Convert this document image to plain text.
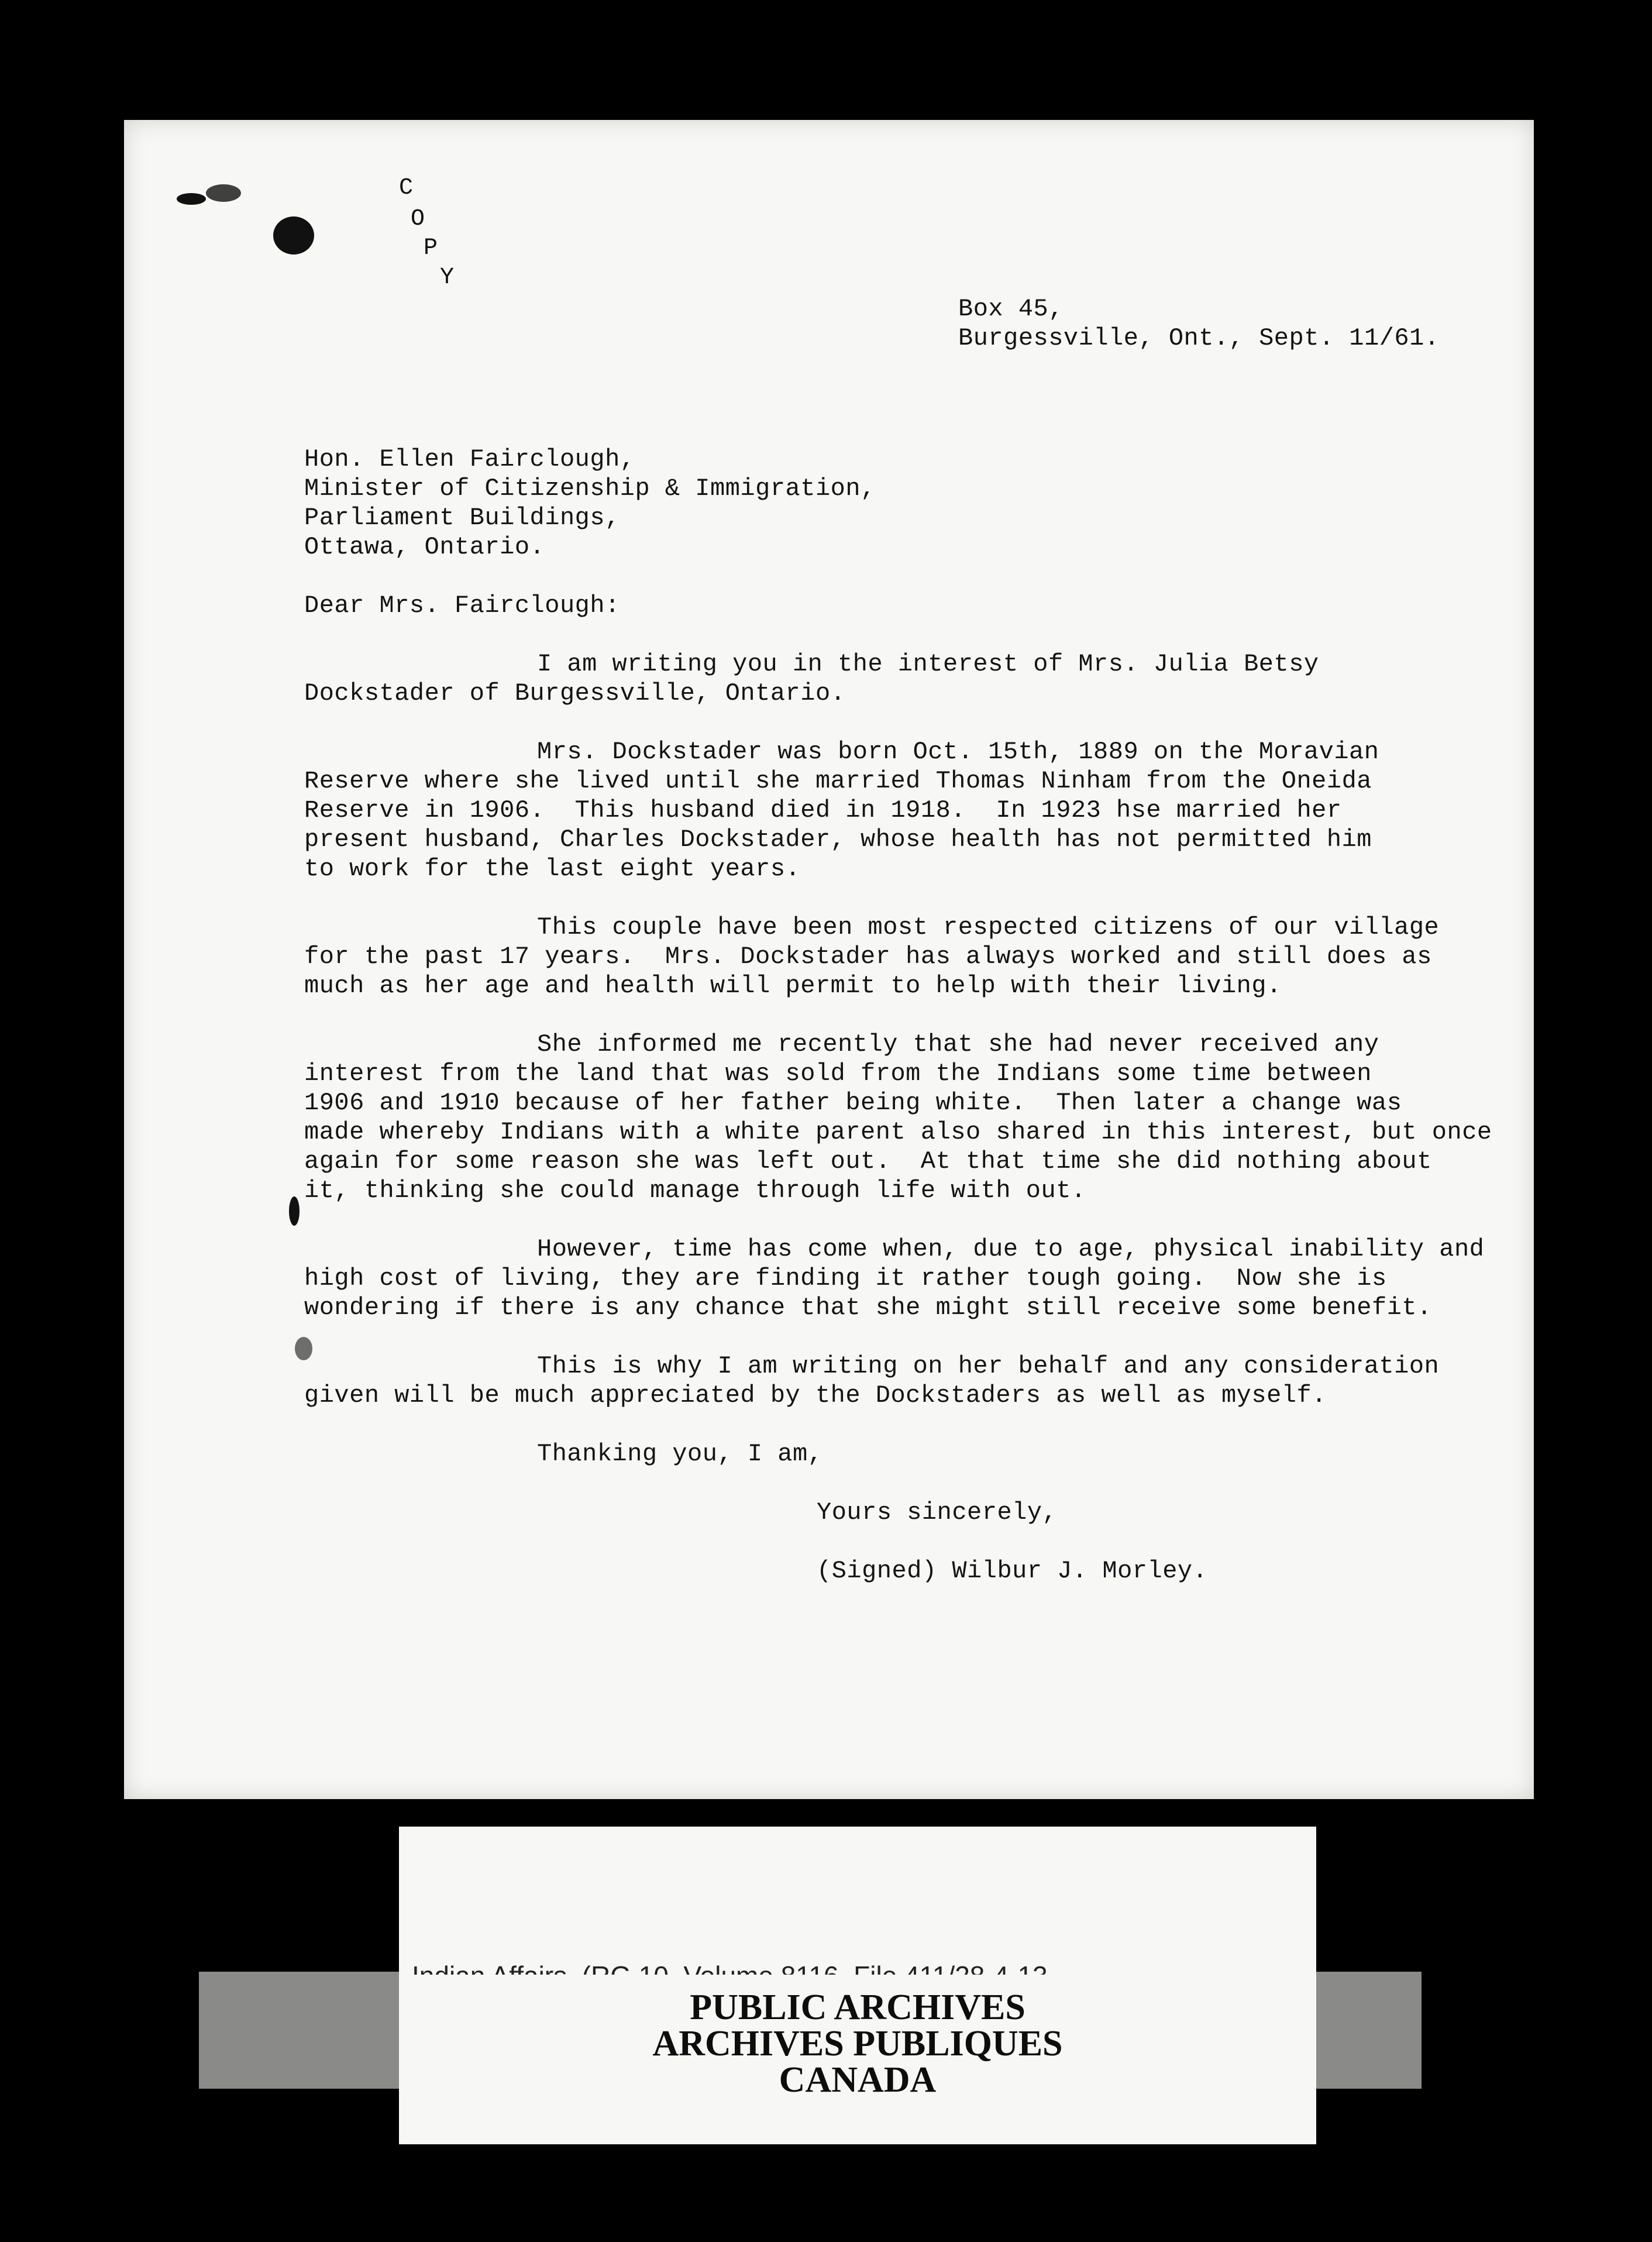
C
O
P
Y
Box 45,
Burgessville, Ont., Sept. 11/61.
Hon. Ellen Fairclough,
Minister of Citizenship & Immigration,
Parliament Buildings,
Ottawa, Ontario.
Dear Mrs. Fairclough:
I am writing you in the interest of Mrs. Julia Betsy
Dockstader of Burgessville, Ontario.
Mrs. Dockstader was born Oct. 15th, 1889 on the Moravian
Reserve where she lived until she married Thomas Ninham from the Oneida
Reserve in 1906.  This husband died in 1918.  In 1923 hse married her
present husband, Charles Dockstader, whose health has not permitted him
to work for the last eight years.
This couple have been most respected citizens of our village
for the past 17 years.  Mrs. Dockstader has always worked and still does as
much as her age and health will permit to help with their living.
She informed me recently that she had never received any
interest from the land that was sold from the Indians some time between
1906 and 1910 because of her father being white.  Then later a change was
made whereby Indians with a white parent also shared in this interest, but once
again for some reason she was left out.  At that time she did nothing about
it, thinking she could manage through life with out.
However, time has come when, due to age, physical inability and
high cost of living, they are finding it rather tough going.  Now she is
wondering if there is any chance that she might still receive some benefit.
This is why I am writing on her behalf and any consideration
given will be much appreciated by the Dockstaders as well as myself.
Thanking you, I am,
Yours sincerely,
(Signed) Wilbur J. Morley.

PUBLIC ARCHIVES
ARCHIVES PUBLIQUES
CANADA
